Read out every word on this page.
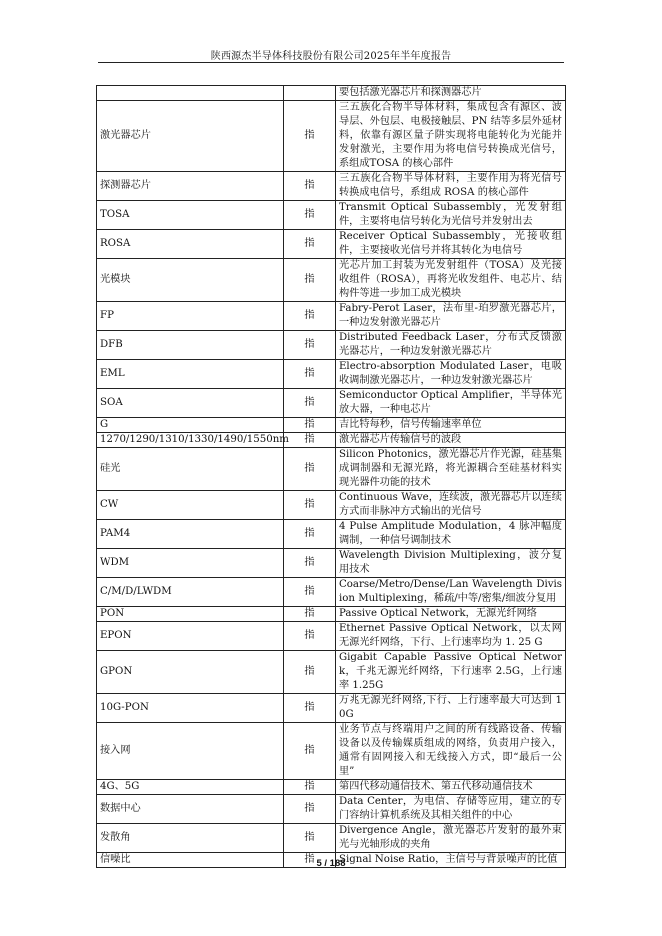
陕西源杰半导体科技股份有限公司2025年半年度报告
		要包括激光器芯片和探测器芯片
激光器芯片	指	三五族化合物半导体材料，集成包含有源区、波导层、外包层、电极接触层、PN 结等多层外延材料，依靠有源区量子阱实现将电能转化为光能并发射激光，主要作用为将电信号转换成光信号，系组成TOSA 的核心部件
探测器芯片	指	三五族化合物半导体材料，主要作用为将光信号转换成电信号，系组成 ROSA 的核心部件
TOSA	指	Transmit Optical Subassembly，光发射组件，主要将电信号转化为光信号并发射出去
ROSA	指	Receiver Optical Subassembly，光接收组件，主要接收光信号并将其转化为电信号
光模块	指	光芯片加工封装为光发射组件（TOSA）及光接收组件（ROSA），再将光收发组件、电芯片、结构件等进一步加工成光模块
FP	指	Fabry-Perot Laser，法布里-珀罗激光器芯片，一种边发射激光器芯片
DFB	指	Distributed Feedback Laser，分布式反馈激光器芯片，一种边发射激光器芯片
EML	指	Electro-absorption Modulated Laser，电吸收调制激光器芯片，一种边发射激光器芯片
SOA	指	Semiconductor Optical Amplifier，半导体光放大器，一种电芯片
G	指	吉比特每秒，信号传输速率单位
1270/1290/1310/1330/1490/1550nm	指	激光器芯片传输信号的波段
硅光	指	Silicon Photonics，激光器芯片作光源，硅基集成调制器和无源光路，将光源耦合至硅基材料实现光器件功能的技术
CW	指	Continuous Wave，连续波，激光器芯片以连续方式而非脉冲方式输出的光信号
PAM4	指	4 Pulse Amplitude Modulation，4 脉冲幅度调制，一种信号调制技术
WDM	指	Wavelength Division Multiplexing，波分复用技术
C/M/D/LWDM	指	Coarse/Metro/Dense/Lan Wavelength Division Multiplexing，稀疏/中等/密集/细波分复用
PON	指	Passive Optical Network，无源光纤网络
EPON	指	Ethernet Passive Optical Network，以太网无源光纤网络，下行、上行速率均为 1. 25 G
GPON	指	Gigabit Capable Passive Optical Network，千兆无源光纤网络，下行速率 2.5G，上行速率 1.25G
10G-PON	指	万兆无源光纤网络,下行、上行速率最大可达到 10G
接入网	指	业务节点与终端用户之间的所有线路设备、传输设备以及传输媒质组成的网络，负责用户接入，通常有固网接入和无线接入方式，即“最后一公里”
4G、5G	指	第四代移动通信技术、第五代移动通信技术
数据中心	指	Data Center，为电信、存储等应用，建立的专门容纳计算机系统及其相关组件的中心
发散角	指	Divergence Angle，激光器芯片发射的最外束光与光轴形成的夹角
信噪比	指	Signal Noise Ratio，主信号与背景噪声的比值
5 / 188
